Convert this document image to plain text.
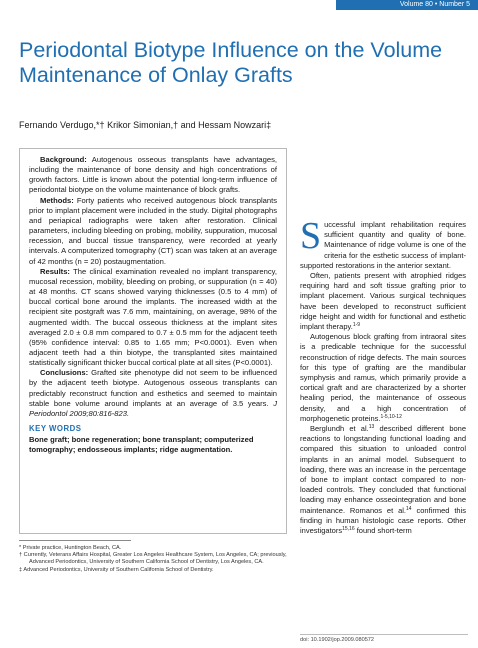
Volume 80 • Number 5
Periodontal Biotype Influence on the Volume Maintenance of Onlay Grafts
Fernando Verdugo,*† Krikor Simonian,† and Hessam Nowzari‡

Background: Autogenous osseous transplants have advantages, including the maintenance of bone density and high concentrations of growth factors. Little is known about the potential long-term influence of periodontal biotype on the volume maintenance of block grafts.

Methods: Forty patients who received autogenous block transplants prior to implant placement were included in the study. Digital photographs and periapical radiographs were taken after restoration. Clinical parameters, including bleeding on probing, mobility, suppuration, mucosal recession, and buccal tissue transparency, were recorded at yearly intervals. A computerized tomography (CT) scan was taken at an average of 42 months (n = 20) postaugmentation.

Results: The clinical examination revealed no implant transparency, mucosal recession, mobility, bleeding on probing, or suppuration (n = 40) at 48 months. CT scans showed varying thicknesses (0.5 to 4 mm) of buccal cortical bone around the implants. The increased width at the recipient site postgraft was 7.6 mm, maintaining, on average, 98% of the augmented width. The buccal osseous thickness at the implant sites averaged 2.0 ± 0.8 mm compared to 0.7 ± 0.5 mm for the adjacent teeth (95% confidence interval: 0.85 to 1.65 mm; P<0.0001). Even when adjacent teeth had a thin biotype, the transplanted sites maintained statistically significant thicker buccal cortical plate at all sites (P<0.0001).

Conclusions: Grafted site phenotype did not seem to be influenced by the adjacent teeth biotype. Autogenous osseous transplants can predictably reconstruct function and esthetics and seemed to maintain stable bone volume around implants at an average of 3.5 years. J Periodontol 2009;80:816-823.

KEY WORDS
Bone graft; bone regeneration; bone transplant; computerized tomography; endosseous implants; ridge augmentation.
* Private practice, Huntington Beach, CA.
† Currently, Veterans Affairs Hospital, Greater Los Angeles Healthcare System, Los Angeles, CA; previously, Advanced Periodontics, University of Southern California School of Dentistry, Los Angeles, CA.
‡ Advanced Periodontics, University of Southern California School of Dentistry.

Successful implant rehabilitation requires sufficient quantity and quality of bone. Maintenance of ridge volume is one of the criteria for the esthetic success of implant-supported restorations in the anterior sextant.

Often, patients present with atrophied ridges requiring hard and soft tissue grafting prior to implant placement. Various surgical techniques have been developed to reconstruct sufficient ridge height and width for functional and esthetic implant therapy.$^{1-9}$

Autogenous block grafting from intraoral sites is a predicable technique for the successful reconstruction of ridge defects. The main sources for this type of grafting are the mandibular symphysis and ramus, which primarily provide a cortical graft and are characterized by a shorter healing period, the maintenance of osseous density, and a high concentration of morphogenetic proteins.$^{1-5,10-12}$

Berglundh et al.$^{13}$ described different bone reactions to longstanding functional loading and compared this situation to unloaded control implants in an animal model. Subsequent to loading, there was an increase in the percentage of bone to implant contact compared to non-loaded controls. They concluded that functional loading may enhance osseointegration and bone maintenance. Romanos et al.$^{14}$ confirmed this finding in human histologic case reports. Other investigators$^{15,16}$ found short-term

doi: 10.1902/jop.2009.080572
